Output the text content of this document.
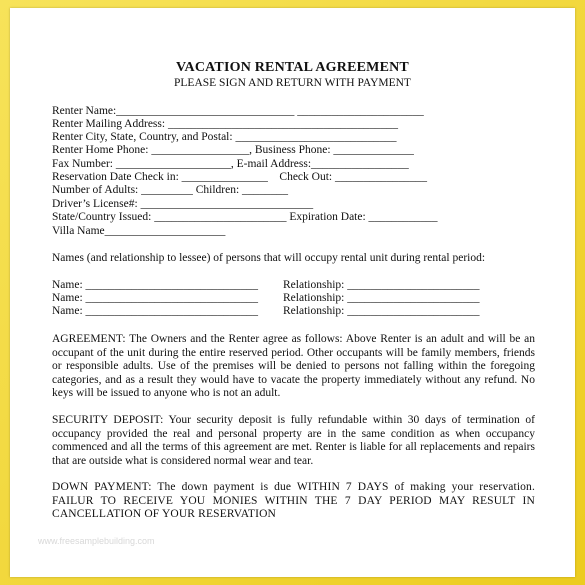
VACATION RENTAL AGREEMENT
PLEASE SIGN AND RETURN WITH PAYMENT
Renter Name:_______________________________ ______________________
Renter Mailing Address: ________________________________________
Renter City, State, Country, and Postal: ____________________________
Renter Home Phone: _________________, Business Phone: ______________
Fax Number: ____________________, E-mail Address:_________________
Reservation Date Check in: _______________    Check Out: ________________
Number of Adults: _________ Children: ________
Driver’s License#: ______________________________
State/Country Issued: _______________________ Expiration Date: ____________
Villa Name_____________________
Names (and relationship to lessee) of persons that will occupy rental unit during rental period:
Name: ______________________________ Relationship: _______________________
Name: ______________________________ Relationship: _______________________
Name: ______________________________ Relationship: _______________________
AGREEMENT: The Owners and the Renter agree as follows: Above Renter is an adult and will be an occupant of the unit during the entire reserved period. Other occupants will be family members, friends or responsible adults. Use of the premises will be denied to persons not falling within the foregoing categories, and as a result they would have to vacate the property immediately without any refund. No keys will be issued to anyone who is not an adult.
SECURITY DEPOSIT: Your security deposit is fully refundable within 30 days of termination of occupancy provided the real and personal property are in the same condition as when occupancy commenced and all the terms of this agreement are met. Renter is liable for all replacements and repairs that are outside what is considered normal wear and tear.
DOWN PAYMENT: The down payment is due WITHIN 7 DAYS of making your reservation. FAILUR TO RECEIVE YOU MONIES WITHIN THE 7 DAY PERIOD MAY RESULT IN CANCELLATION OF YOUR RESERVATION
www.freesamplebuilding.com
